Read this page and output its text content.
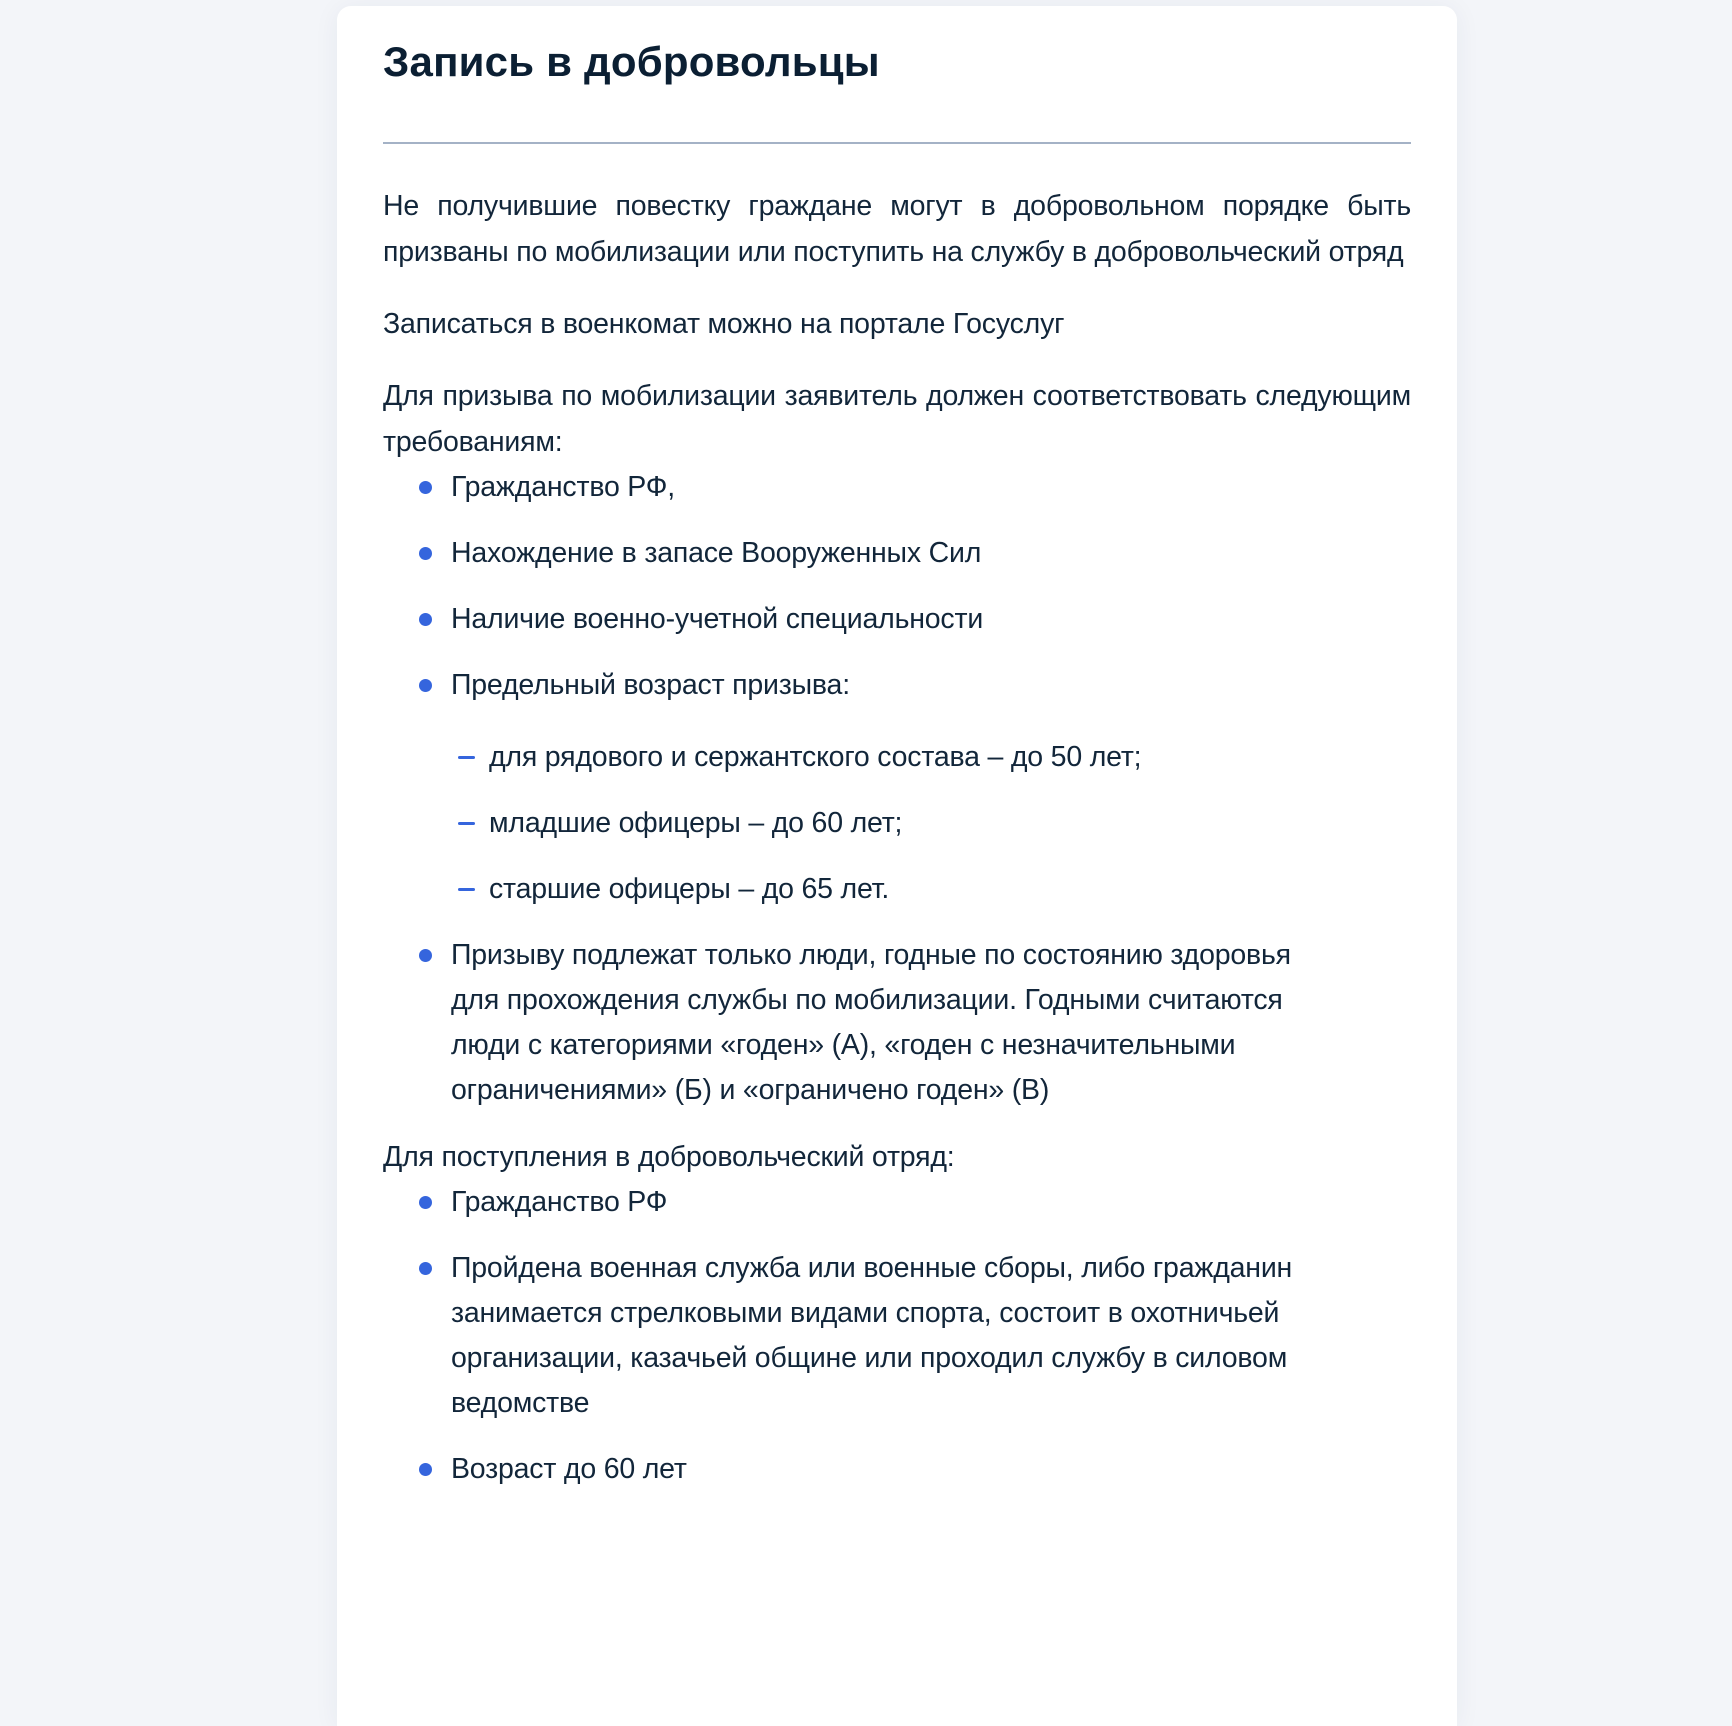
Запись в добровольцы

Не получившие повестку граждане могут в добровольном порядке быть призваны по мобилизации или поступить на службу в добровольческий отряд

Записаться в военкомат можно на портале Госуслуг

Для призыва по мобилизации заявитель должен соответствовать следующим требованиям:

Гражданство РФ,
Нахождение в запасе Вооруженных Сил
Наличие военно-учетной специальности
Предельный возраст призыва:
для рядового и сержантского состава – до 50 лет;
младшие офицеры – до 60 лет;
старшие офицеры – до 65 лет.
Призыву подлежат только люди, годные по состоянию здоровья для прохождения службы по мобилизации. Годными считаются люди с категориями «годен» (А), «годен с незначительными ограничениями» (Б) и «ограничено годен» (В)

Для поступления в добровольческий отряд:

Гражданство РФ
Пройдена военная служба или военные сборы, либо гражданин занимается стрелковыми видами спорта, состоит в охотничьей организации, казачьей общине или проходил службу в силовом ведомстве
Возраст до 60 лет
